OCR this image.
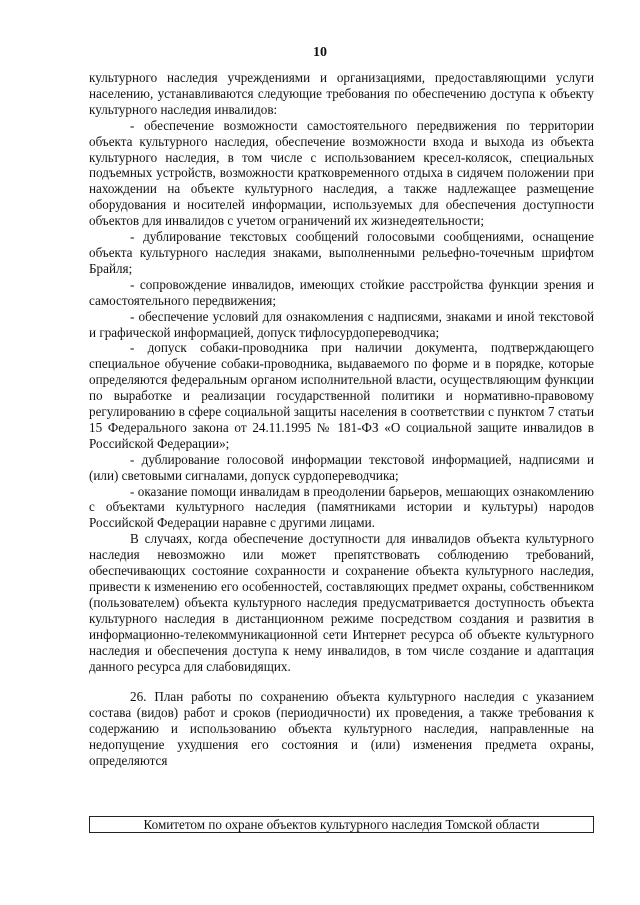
10

культурного наследия учреждениями и организациями, предоставляющими услуги населению, устанавливаются следующие требования по обеспечению доступа к объекту культурного наследия инвалидов:

- обеспечение возможности самостоятельного передвижения по территории объекта культурного наследия, обеспечение возможности входа и выхода из объекта культурного наследия, в том числе с использованием кресел-колясок, специальных подъемных устройств, возможности кратковременного отдыха в сидячем положении при нахождении на объекте культурного наследия, а также надлежащее размещение оборудования и носителей информации, используемых для обеспечения доступности объектов для инвалидов с учетом ограничений их жизнедеятельности;

- дублирование текстовых сообщений голосовыми сообщениями, оснащение объекта культурного наследия знаками, выполненными рельефно-точечным шрифтом Брайля;

- сопровождение инвалидов, имеющих стойкие расстройства функции зрения и самостоятельного передвижения;

- обеспечение условий для ознакомления с надписями, знаками и иной текстовой и графической информацией, допуск тифлосурдопереводчика;

- допуск собаки-проводника при наличии документа, подтверждающего специальное обучение собаки-проводника, выдаваемого по форме и в порядке, которые определяются федеральным органом исполнительной власти, осуществляющим функции по выработке и реализации государственной политики и нормативно-правовому регулированию в сфере социальной защиты населения в соответствии с пунктом 7 статьи 15 Федерального закона от 24.11.1995 № 181-ФЗ «О социальной защите инвалидов в Российской Федерации»;

- дублирование голосовой информации текстовой информацией, надписями и (или) световыми сигналами, допуск сурдопереводчика;

- оказание помощи инвалидам в преодолении барьеров, мешающих ознакомлению с объектами культурного наследия (памятниками истории и культуры) народов Российской Федерации наравне с другими лицами.

В случаях, когда обеспечение доступности для инвалидов объекта культурного наследия невозможно или может препятствовать соблюдению требований, обеспечивающих состояние сохранности и сохранение объекта культурного наследия, привести к изменению его особенностей, составляющих предмет охраны, собственником (пользователем) объекта культурного наследия предусматривается доступность объекта культурного наследия в дистанционном режиме посредством создания и развития в информационно-телекоммуникационной сети Интернет ресурса об объекте культурного наследия и обеспечения доступа к нему инвалидов, в том числе создание и адаптация данного ресурса для слабовидящих.

26. План работы по сохранению объекта культурного наследия с указанием состава (видов) работ и сроков (периодичности) их проведения, а также требования к содержанию и использованию объекта культурного наследия, направленные на недопущение ухудшения его состояния и (или) изменения предмета охраны, определяются

Комитетом по охране объектов культурного наследия Томской области
